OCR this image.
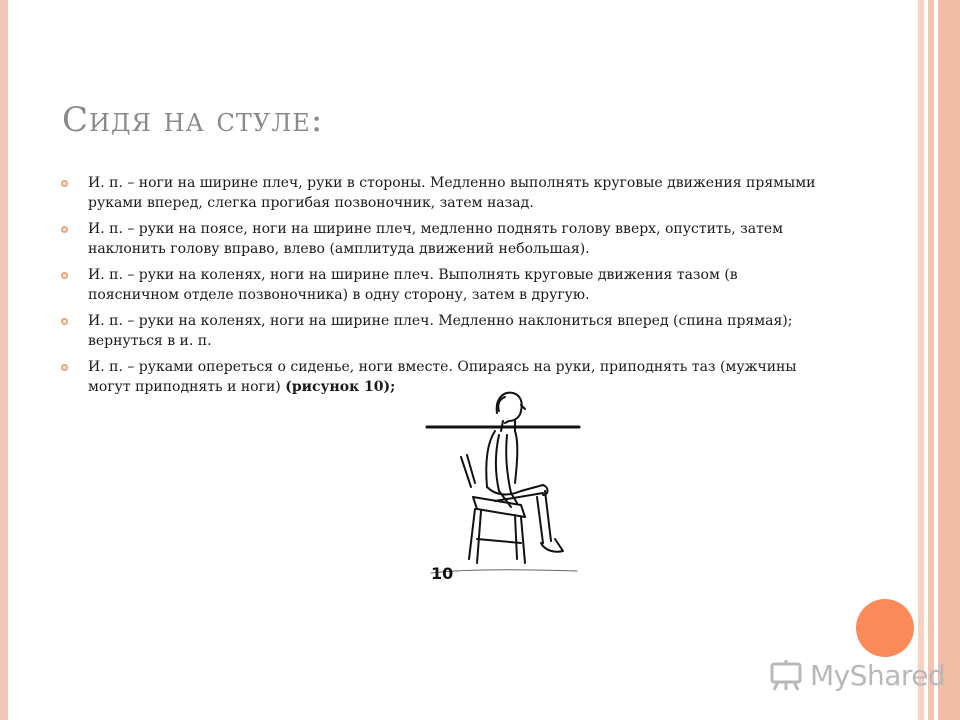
Сидя на стуле:
И. п. – ноги на ширине плеч, руки в стороны. Медленно выполнять круговые движения прямыми руками вперед, слегка прогибая позвоночник, затем назад.
И. п. – руки на поясе, ноги на ширине плеч, медленно поднять голову вверх, опустить, затем наклонить голову вправо, влево (амплитуда движений небольшая).
И. п. – руки на коленях, ноги на ширине плеч. Выполнять круговые движения тазом (в поясничном отделе позвоночника) в одну сторону, затем в другую.
И. п. – руки на коленях, ноги на ширине плеч. Медленно наклониться вперед (спина прямая); вернуться в и. п.
И. п. – руками опереться о сиденье, ноги вместе. Опираясь на руки, приподнять таз (мужчины могут приподнять и ноги) (рисунок 10);
10
MyShared
